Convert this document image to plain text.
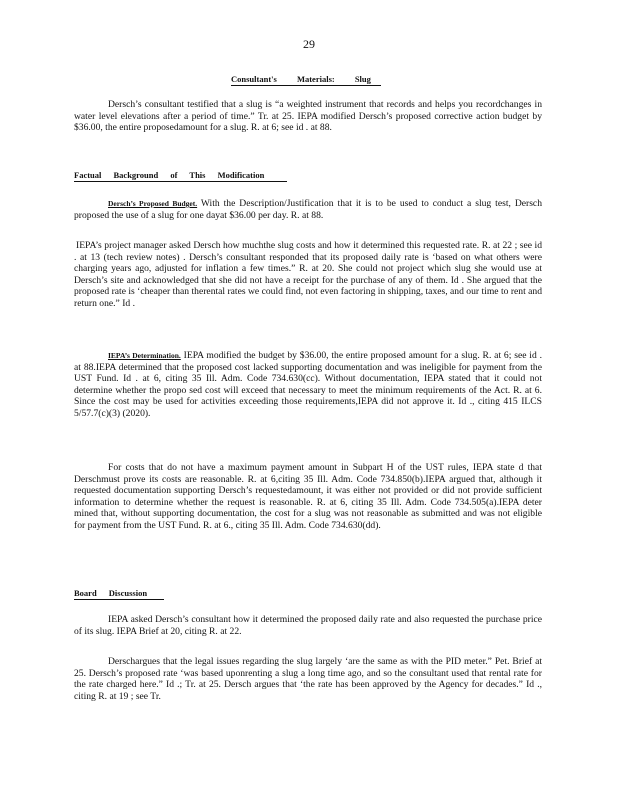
29
Consultant's Materials: Slug
Dersch’s consultant testified that a slug is “a weighted instrument that records and helps you recordchanges in water level elevations after a period of time.” Tr. at 25. IEPA modified Dersch’s proposed corrective action budget by $36.00, the entire proposedamount for a slug. R. at 6; see id . at 88.
Factual Background of This Modification
Dersch’s Proposed Budget. With the Description/Justification that it is to be used to conduct a slug test, Dersch proposed the use of a slug for one dayat $36.00 per day. R. at 88.
IEPA’s project manager asked Dersch how muchthe slug costs and how it determined this requested rate. R. at 22 ; see id . at 13 (tech review notes) . Dersch’s consultant responded that its proposed daily rate is ‘based on what others were charging years ago, adjusted for inflation a few times.” R. at 20. She could not project which slug she would use at Dersch’s site and acknowledged that she did not have a receipt for the purchase of any of them. Id . She argued that the proposed rate is ‘cheaper than therental rates we could find, not even factoring in shipping, taxes, and our time to rent and return one.” Id .
IEPA’s Determination. IEPA modified the budget by $36.00, the entire proposed amount for a slug. R. at 6; see id . at 88.IEPA determined that the proposed cost lacked supporting documentation and was ineligible for payment from the UST Fund. Id . at 6, citing 35 Ill. Adm. Code 734.630(cc). Without documentation, IEPA stated that it could not determine whether the propo sed cost will exceed that necessary to meet the minimum requirements of the Act. R. at 6. Since the cost may be used for activities exceeding those requirements,IEPA did not approve it. Id ., citing 415 ILCS 5/57.7(c)(3) (2020).
For costs that do not have a maximum payment amount in Subpart H of the UST rules, IEPA state d that Derschmust prove its costs are reasonable. R. at 6,citing 35 Ill. Adm. Code 734.850(b).IEPA argued that, although it requested documentation supporting Dersch’s requestedamount, it was either not provided or did not provide sufficient information to determine whether the request is reasonable. R. at 6, citing 35 Ill. Adm. Code 734.505(a).IEPA deter mined that, without supporting documentation, the cost for a slug was not reasonable as submitted and was not eligible for payment from the UST Fund. R. at 6., citing 35 Ill. Adm. Code 734.630(dd).
Board Discussion
IEPA asked Dersch’s consultant how it determined the proposed daily rate and also requested the purchase price of its slug. IEPA Brief at 20, citing R. at 22.
Derschargues that the legal issues regarding the slug largely ‘are the same as with the PID meter.” Pet. Brief at 25. Dersch’s proposed rate ‘was based uponrenting a slug a long time ago, and so the consultant used that rental rate for the rate charged here.” Id .; Tr. at 25. Dersch argues that ‘the rate has been approved by the Agency for decades.” Id ., citing R. at 19 ; see Tr.
